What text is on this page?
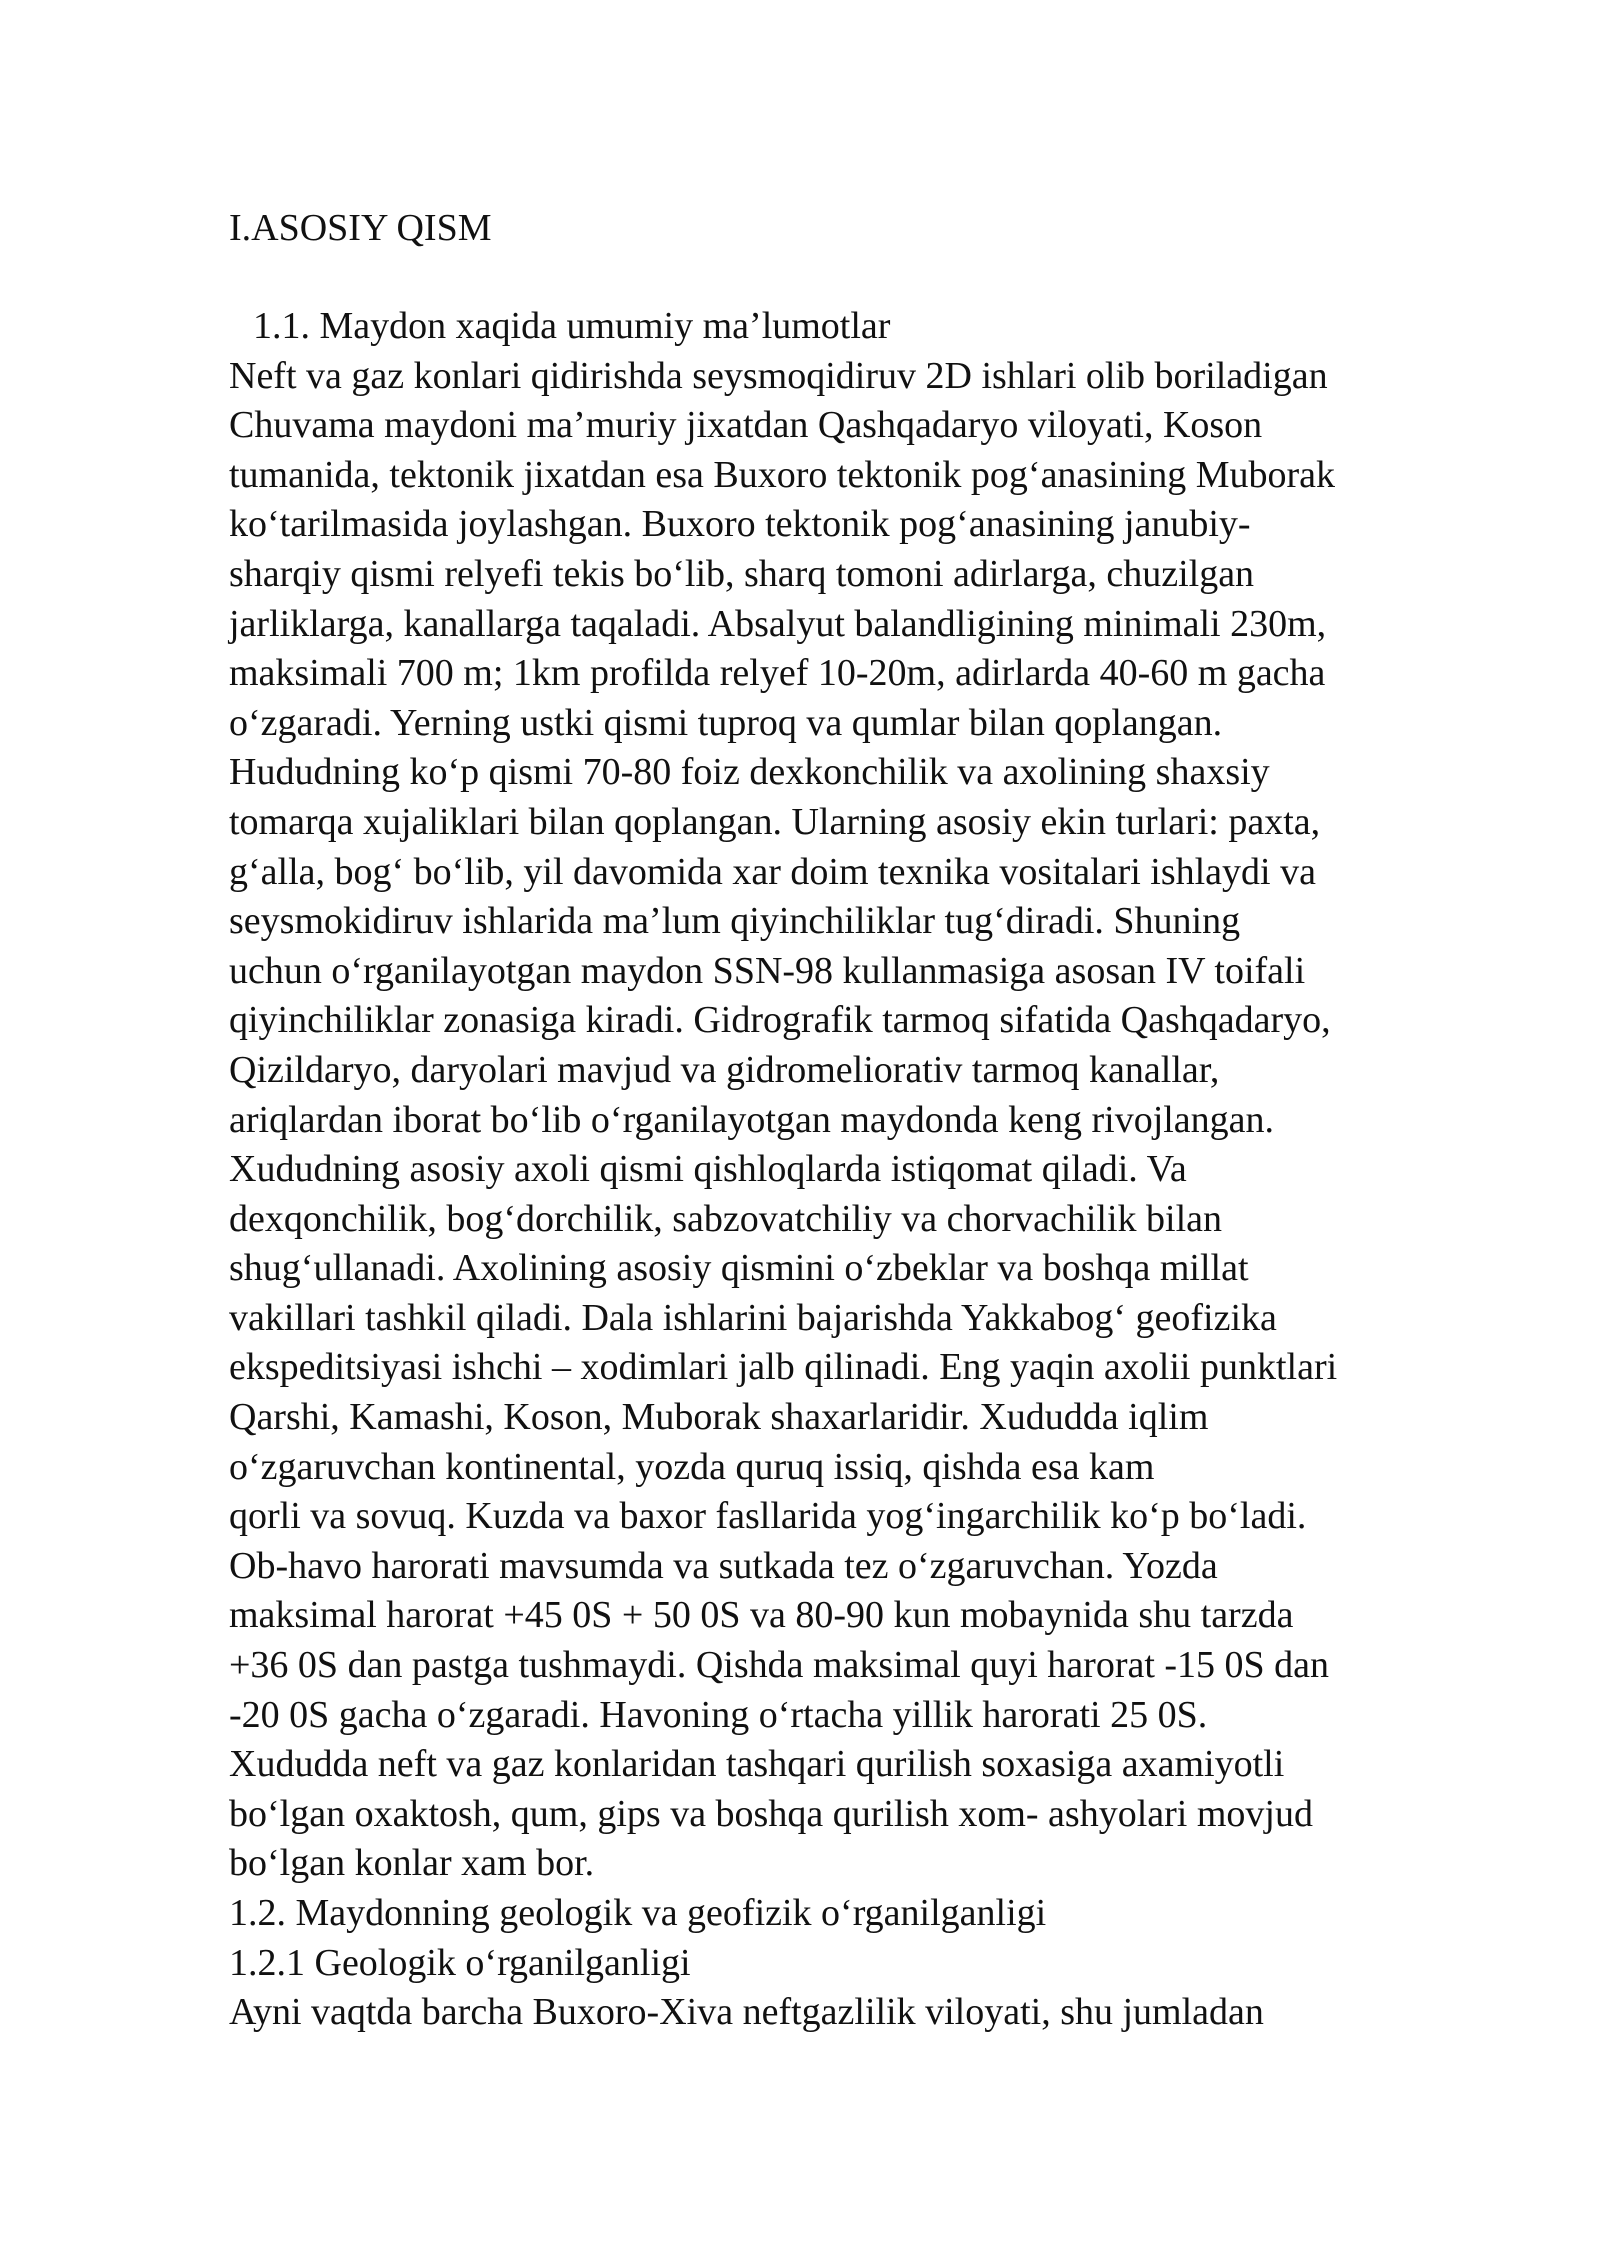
I.ASOSIY QISM
1.1. Maydon xaqida umumiy ma’lumotlar
Neft va gaz konlari qidirishda seysmoqidiruv 2D ishlari olib boriladigan
Chuvama maydoni ma’muriy jixatdan Qashqadaryo viloyati, Koson
tumanida, tektonik jixatdan esa Buxoro tektonik pog‘anasining Muborak
ko‘tarilmasida joylashgan. Buxoro tektonik pog‘anasining janubiy-
sharqiy qismi relyefi tekis bo‘lib, sharq tomoni adirlarga, chuzilgan
jarliklarga, kanallarga taqaladi. Absalyut balandligining minimali 230m,
maksimali 700 m; 1km profilda relyef 10-20m, adirlarda 40-60 m gacha
o‘zgaradi. Yerning ustki qismi tuproq va qumlar bilan qoplangan.
Hududning ko‘p qismi 70-80 foiz dexkonchilik va axolining shaxsiy
tomarqa xujaliklari bilan qoplangan. Ularning asosiy ekin turlari: paxta,
g‘alla, bog‘ bo‘lib, yil davomida xar doim texnika vositalari ishlaydi va
seysmokidiruv ishlarida ma’lum qiyinchiliklar tug‘diradi. Shuning
uchun o‘rganilayotgan maydon SSN-98 kullanmasiga asosan IV toifali
qiyinchiliklar zonasiga kiradi. Gidrografik tarmoq sifatida Qashqadaryo,
Qizildaryo, daryolari mavjud va gidromeliorativ tarmoq kanallar,
ariqlardan iborat bo‘lib o‘rganilayotgan maydonda keng rivojlangan.
Xududning asosiy axoli qismi qishloqlarda istiqomat qiladi. Va
dexqonchilik, bog‘dorchilik, sabzovatchiliy va chorvachilik bilan
shug‘ullanadi. Axolining asosiy qismini o‘zbeklar va boshqa millat
vakillari tashkil qiladi. Dala ishlarini bajarishda Yakkabog‘ geofizika
ekspeditsiyasi ishchi – xodimlari jalb qilinadi. Eng yaqin axolii punktlari
Qarshi, Kamashi, Koson, Muborak shaxarlaridir. Xududda iqlim
o‘zgaruvchan kontinental, yozda quruq issiq, qishda esa kam
qorli va sovuq. Kuzda va baxor fasllarida yog‘ingarchilik ko‘p bo‘ladi.
Ob-havo harorati mavsumda va sutkada tez o‘zgaruvchan. Yozda
maksimal harorat +45 0S + 50 0S va 80-90 kun mobaynida shu tarzda
+36 0S dan pastga tushmaydi. Qishda maksimal quyi harorat -15 0S dan
-20 0S gacha o‘zgaradi. Havoning o‘rtacha yillik harorati 25 0S.
Xududda neft va gaz konlaridan tashqari qurilish soxasiga axamiyotli
bo‘lgan oxaktosh, qum, gips va boshqa qurilish xom- ashyolari movjud
bo‘lgan konlar xam bor.
1.2. Maydonning geologik va geofizik o‘rganilganligi
1.2.1 Geologik o‘rganilganligi
Ayni vaqtda barcha Buxoro-Xiva neftgazlilik viloyati, shu jumladan
